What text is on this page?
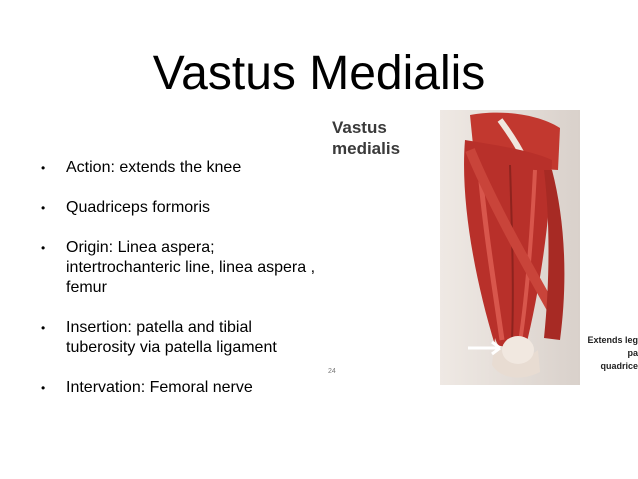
Vastus Medialis
• Action: extends the knee
• Quadriceps formoris
• Origin: Linea aspera; intertrochanteric line, linea aspera , femur
• Insertion: patella and tibial tuberosity via patella ligament
• Intervation: Femoral nerve
Vastus
medialis
24
Extends leg
pa
quadrice
